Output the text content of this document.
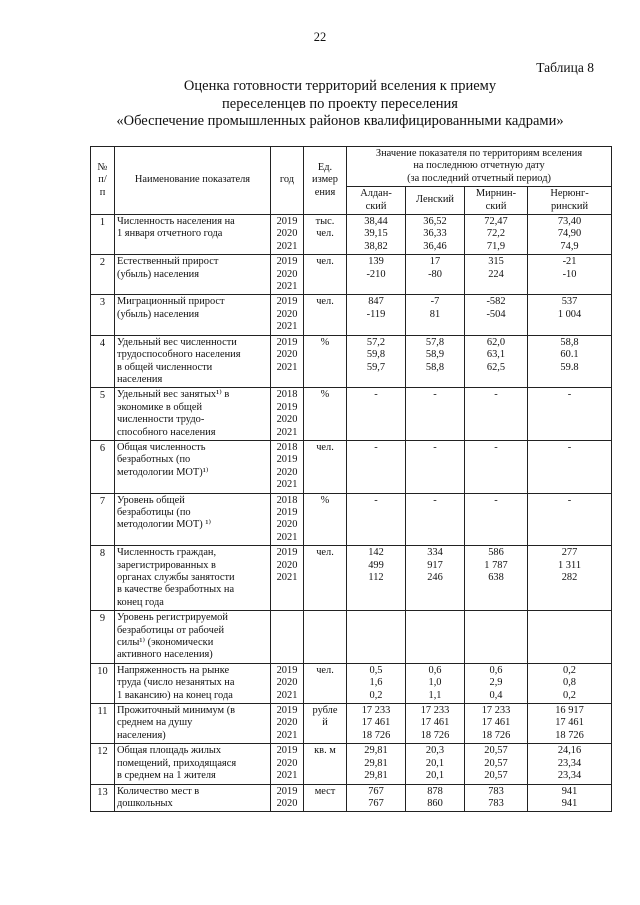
22
Таблица 8
Оценка готовности территорий вселения к приему
переселенцев по проекту переселения
«Обеспечение промышленных районов квалифицированными кадрами»
№
п/
п	Наименование показателя	год	Ед.
измер
ения	Значение показателя по территориям вселения
на последнюю отчетную дату
(за последний отчетный период)			
				Алдан-
ский	Ленский	Мирнин-
ский	Нерюнг-
ринский
1	Численность населения на
1 января отчетного года	2019
2020
2021	тыс.
чел.	38,44
39,15
38,82	36,52
36,33
36,46	72,47
72,2
71,9	73,40
74,90
74,9
2	Естественный прирост
(убыль) населения	2019
2020
2021	чел.	139
-210	17
-80	315
224	-21
-10
3	Миграционный прирост
(убыль) населения	2019
2020
2021	чел.	847
-119	-7
81	-582
-504	537
1 004
4	Удельный вес численности
трудоспособного населения
в общей численности
населения	2019
2020
2021	%	57,2
59,8
59,7	57,8
58,9
58,8	62,0
63,1
62,5	58,8
60.1
59.8
5	Удельный вес занятых¹⁾ в
экономике в общей
численности трудо-
способного населения	2018
2019
2020
2021	%	-	-	-	-
6	Общая численность
безработных (по
методологии МОТ)¹⁾	2018
2019
2020
2021	чел.	-	-	-	-
7	Уровень общей
безработицы (по
методологии МОТ) ¹⁾	2018
2019
2020
2021	%	-	-	-	-
8	Численность граждан,
зарегистрированных в
органах службы занятости
в качестве безработных на
конец года	2019
2020
2021	чел.	142
499
112	334
917
246	586
1 787
638	277
1 311
282
9	Уровень регистрируемой
безработицы от рабочей
силы¹⁾ (экономически
активного населения)						
10	Напряженность на рынке
труда (число незанятых на
1 вакансию) на конец года	2019
2020
2021	чел.	0,5
1,6
0,2	0,6
1,0
1,1	0,6
2,9
0,4	0,2
0,8
0,2
11	Прожиточный минимум (в
среднем на душу
населения)	2019
2020
2021	рубле
й	17 233
17 461
18 726	17 233
17 461
18 726	17 233
17 461
18 726	16 917
17 461
18 726
12	Общая площадь жилых
помещений, приходящаяся
в среднем на 1 жителя	2019
2020
2021	кв. м	29,81
29,81
29,81	20,3
20,1
20,1	20,57
20,57
20,57	24,16
23,34
23,34
13	Количество мест в
дошкольных	2019
2020	мест	767
767	878
860	783
783	941
941
